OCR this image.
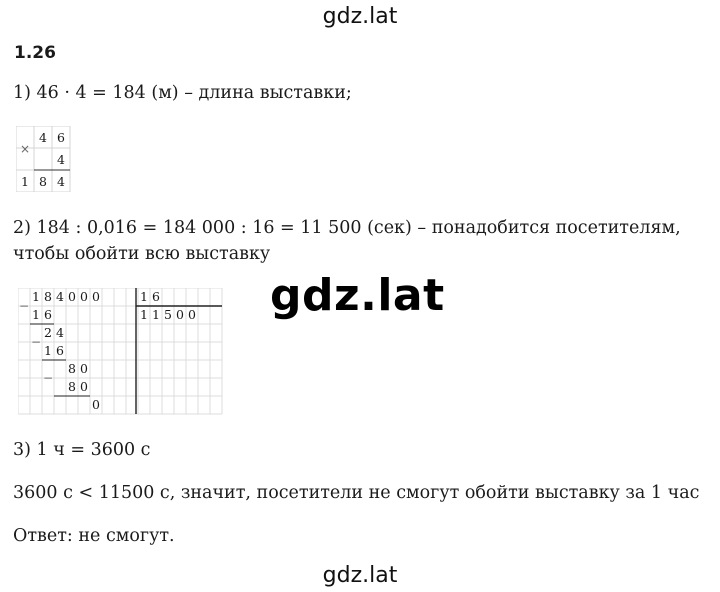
gdz.lat
1.26
1) 46 · 4 = 184 (м) – длина выставки;
×
4 6
4
1 8 4
2) 184 : 0,016 = 184 000 : 16 = 11 500 (сек) – понадобится посетителям,
чтобы обойти всю выставку
gdz.lat
−
−
−
1 8 4 0 0 0	1 6
1 1 5 0 0
1 6
2 4
1 6
8 0
8 0
0
3) 1 ч = 3600 с
3600 с < 11500 с, значит, посетители не смогут обойти выставку за 1 час
Ответ: не смогут.
gdz.lat
